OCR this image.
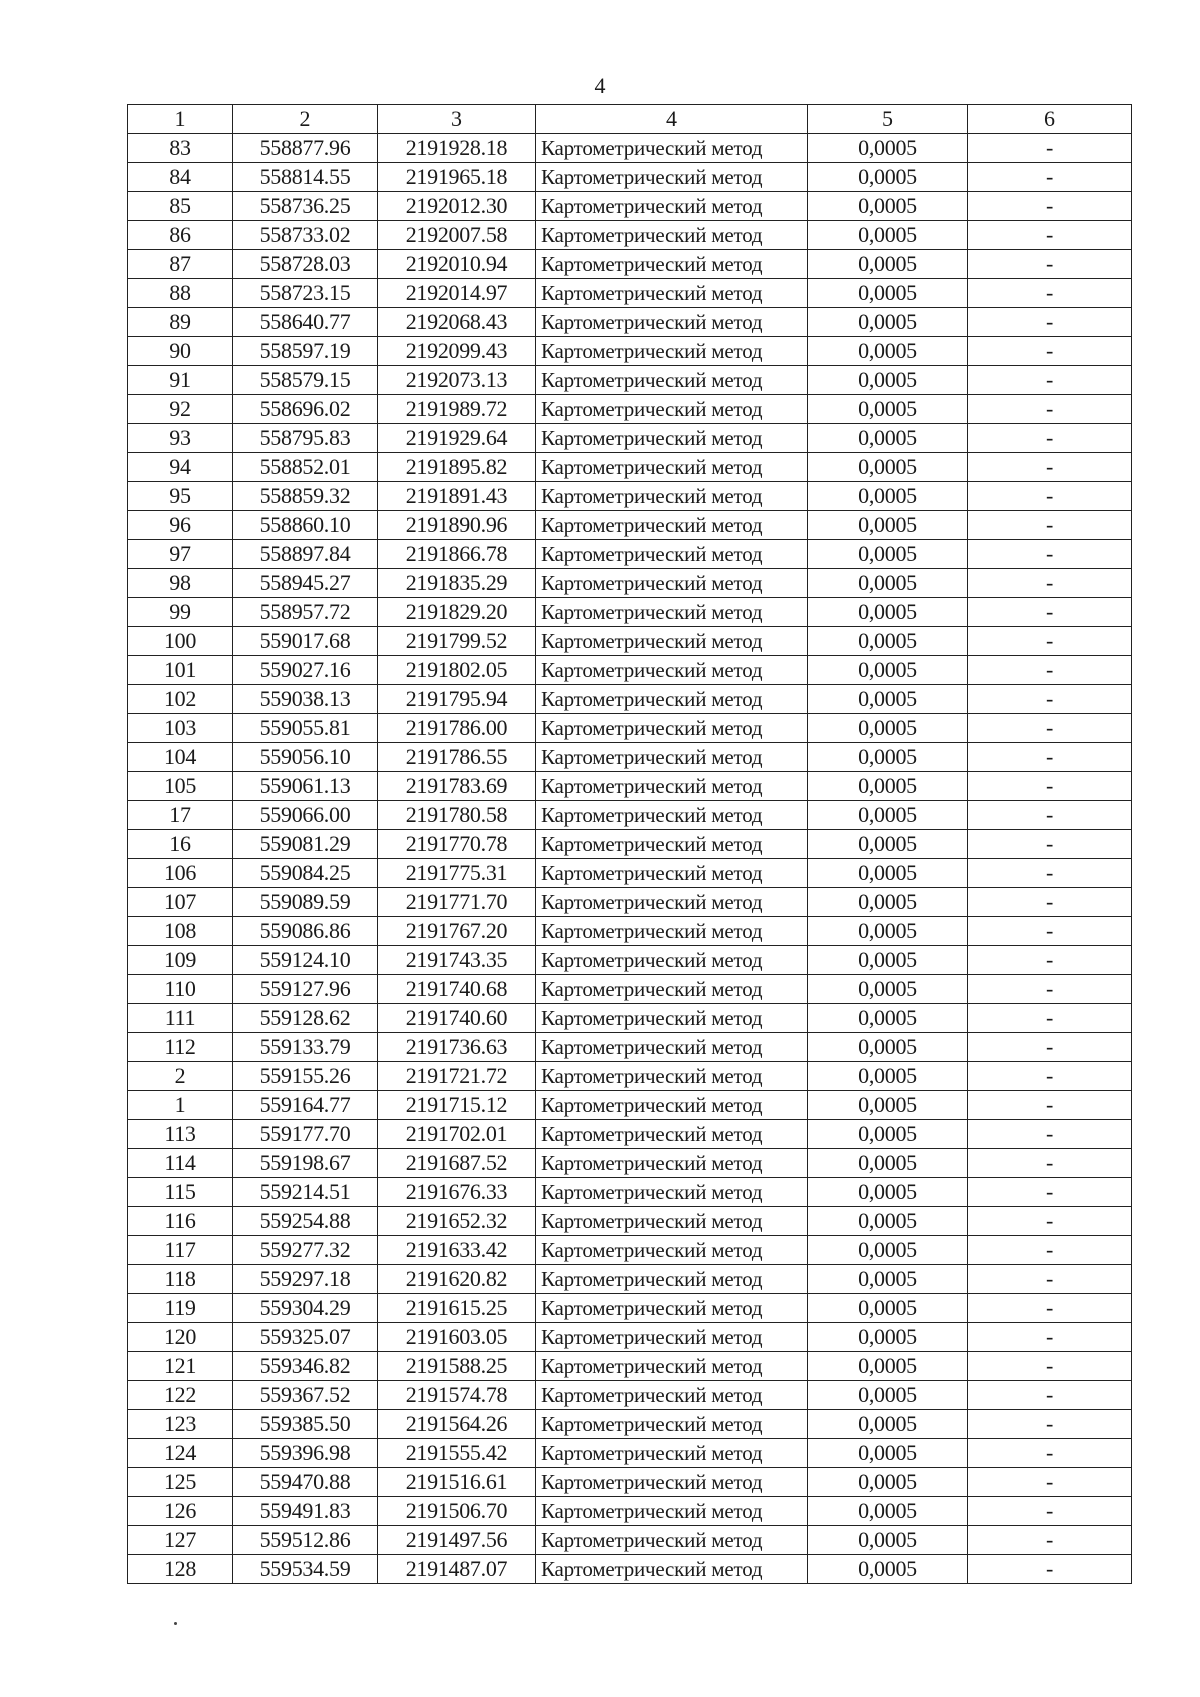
4
1	2	3	4	5	6
83	558877.96	2191928.18	Картометрический метод	0,0005	-
84	558814.55	2191965.18	Картометрический метод	0,0005	-
85	558736.25	2192012.30	Картометрический метод	0,0005	-
86	558733.02	2192007.58	Картометрический метод	0,0005	-
87	558728.03	2192010.94	Картометрический метод	0,0005	-
88	558723.15	2192014.97	Картометрический метод	0,0005	-
89	558640.77	2192068.43	Картометрический метод	0,0005	-
90	558597.19	2192099.43	Картометрический метод	0,0005	-
91	558579.15	2192073.13	Картометрический метод	0,0005	-
92	558696.02	2191989.72	Картометрический метод	0,0005	-
93	558795.83	2191929.64	Картометрический метод	0,0005	-
94	558852.01	2191895.82	Картометрический метод	0,0005	-
95	558859.32	2191891.43	Картометрический метод	0,0005	-
96	558860.10	2191890.96	Картометрический метод	0,0005	-
97	558897.84	2191866.78	Картометрический метод	0,0005	-
98	558945.27	2191835.29	Картометрический метод	0,0005	-
99	558957.72	2191829.20	Картометрический метод	0,0005	-
100	559017.68	2191799.52	Картометрический метод	0,0005	-
101	559027.16	2191802.05	Картометрический метод	0,0005	-
102	559038.13	2191795.94	Картометрический метод	0,0005	-
103	559055.81	2191786.00	Картометрический метод	0,0005	-
104	559056.10	2191786.55	Картометрический метод	0,0005	-
105	559061.13	2191783.69	Картометрический метод	0,0005	-
17	559066.00	2191780.58	Картометрический метод	0,0005	-
16	559081.29	2191770.78	Картометрический метод	0,0005	-
106	559084.25	2191775.31	Картометрический метод	0,0005	-
107	559089.59	2191771.70	Картометрический метод	0,0005	-
108	559086.86	2191767.20	Картометрический метод	0,0005	-
109	559124.10	2191743.35	Картометрический метод	0,0005	-
110	559127.96	2191740.68	Картометрический метод	0,0005	-
111	559128.62	2191740.60	Картометрический метод	0,0005	-
112	559133.79	2191736.63	Картометрический метод	0,0005	-
2	559155.26	2191721.72	Картометрический метод	0,0005	-
1	559164.77	2191715.12	Картометрический метод	0,0005	-
113	559177.70	2191702.01	Картометрический метод	0,0005	-
114	559198.67	2191687.52	Картометрический метод	0,0005	-
115	559214.51	2191676.33	Картометрический метод	0,0005	-
116	559254.88	2191652.32	Картометрический метод	0,0005	-
117	559277.32	2191633.42	Картометрический метод	0,0005	-
118	559297.18	2191620.82	Картометрический метод	0,0005	-
119	559304.29	2191615.25	Картометрический метод	0,0005	-
120	559325.07	2191603.05	Картометрический метод	0,0005	-
121	559346.82	2191588.25	Картометрический метод	0,0005	-
122	559367.52	2191574.78	Картометрический метод	0,0005	-
123	559385.50	2191564.26	Картометрический метод	0,0005	-
124	559396.98	2191555.42	Картометрический метод	0,0005	-
125	559470.88	2191516.61	Картометрический метод	0,0005	-
126	559491.83	2191506.70	Картометрический метод	0,0005	-
127	559512.86	2191497.56	Картометрический метод	0,0005	-
128	559534.59	2191487.07	Картометрический метод	0,0005	-
